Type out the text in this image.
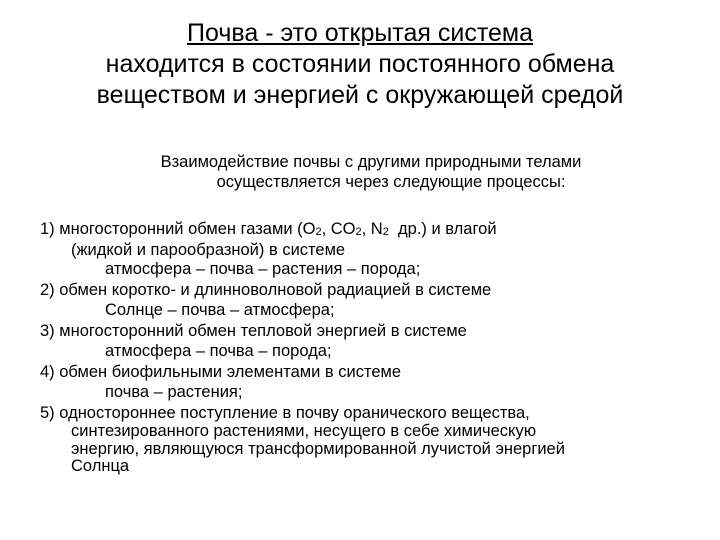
Почва - это открытая система
находится в состоянии постоянного обмена
веществом и энергией с окружающей средой
Взаимодействие почвы с другими природными телами
осуществляется через следующие процессы:
1) многосторонний обмен газами ($O_2$, $CO_2$, $N_2$  др.) и влагой
(жидкой и парообразной) в системе
атмосфера – почва – растения – порода;
2) обмен коротко- и длинноволновой радиацией в системе
Солнце – почва – атмосфера;
3) многосторонний обмен тепловой энергией в системе
атмосфера – почва – порода;
4) обмен биофильными элементами в системе
почва – растения;
5) одностороннее поступление в почву оранического вещества,
синтезированного растениями, несущего в себе химическую
энергию, являющуюся трансформированной лучистой энергией
Солнца
